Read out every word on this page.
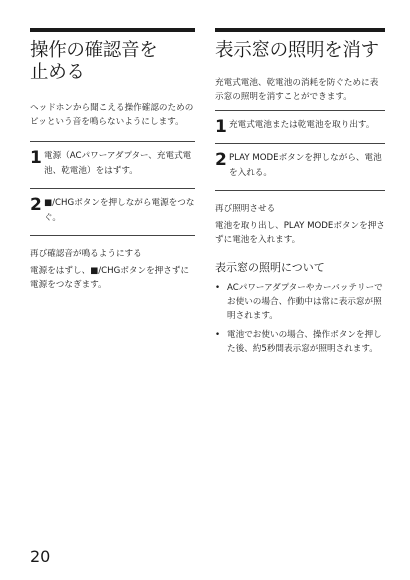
操作の確認音を
止める

ヘッドホンから聞こえる操作確認のためのピッという音を鳴らないようにします。

1 電源（ACパワーアダプター、充電式電池、乾電池）をはずす。
2 ■/CHGボタンを押しながら電源をつなぐ。

再び確認音が鳴るようにする

電源をはずし、■/CHGボタンを押さずに電源をつなぎます。

表示窓の照明を消す

充電式電池、乾電池の消耗を防ぐために表示窓の照明を消すことができます。

1 充電式電池または乾電池を取り出す。
2 PLAY MODEボタンを押しながら、電池を入れる。

再び照明させる

電池を取り出し、PLAY MODEボタンを押さずに電池を入れます。

表示窓の照明について

• ACパワーアダプターやカーバッテリーでお使いの場合、作動中は常に表示窓が照明されます。
• 電池でお使いの場合、操作ボタンを押した後、約5秒間表示窓が照明されます。
20
